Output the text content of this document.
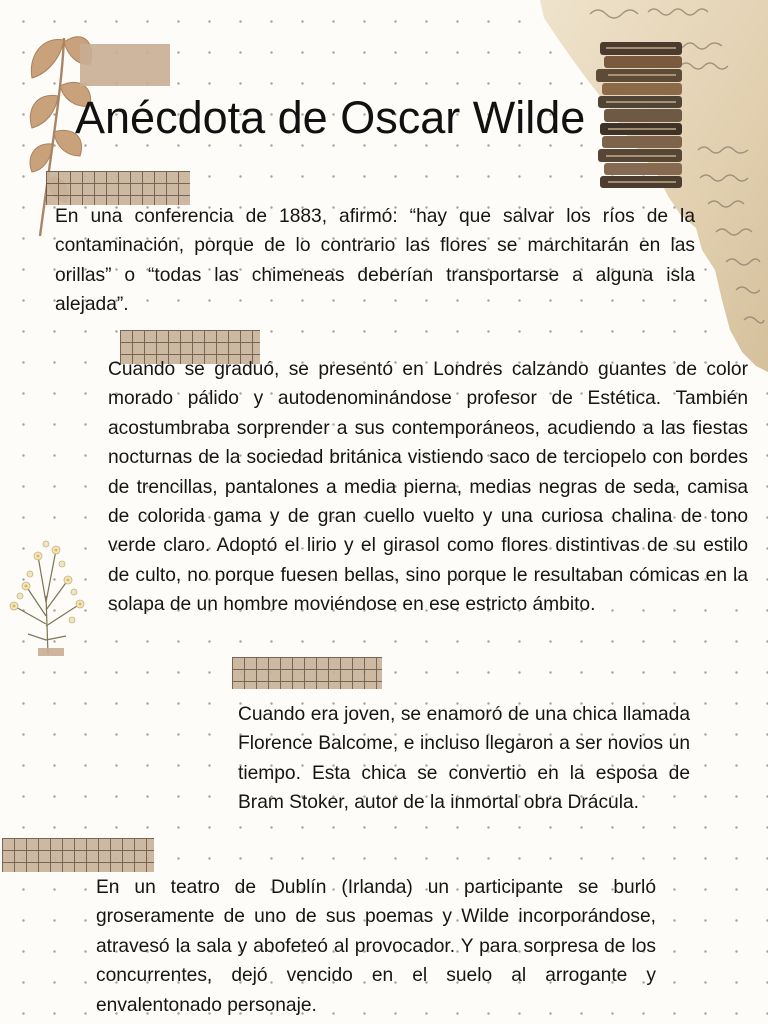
Anécdota de Oscar Wilde
En una conferencia de 1883, afirmó: “hay que salvar los ríos de la contaminación, porque de lo contrario las flores se marchitarán en las orillas” o “todas las chimeneas deberían transportarse a alguna isla alejada”.
Cuando se graduó, se presentó en Londres calzando guantes de color morado pálido y autodenominándose profesor de Estética. También acostumbraba sorprender a sus contemporáneos, acudiendo a las fiestas nocturnas de la sociedad británica vistiendo saco de terciopelo con bordes de trencillas, pantalones a media pierna, medias negras de seda, camisa de colorida gama y de gran cuello vuelto y una curiosa chalina de tono verde claro. Adoptó el lirio y el girasol como flores distintivas de su estilo de culto, no porque fuesen bellas, sino porque le resultaban cómicas en la solapa de un hombre moviéndose en ese estricto ámbito.
Cuando era joven, se enamoró de una chica llamada Florence Balcome, e incluso llegaron a ser novios un tiempo. Esta chica se convertio en la esposa de Bram Stoker, autor de la inmortal obra Drácula.
En un teatro de Dublín (Irlanda) un participante se burló groseramente de uno de sus poemas y Wilde incorporándose, atravesó la sala y abofeteó al provocador. Y para sorpresa de los concurrentes, dejó vencido en el suelo al arrogante y envalentonado personaje.
